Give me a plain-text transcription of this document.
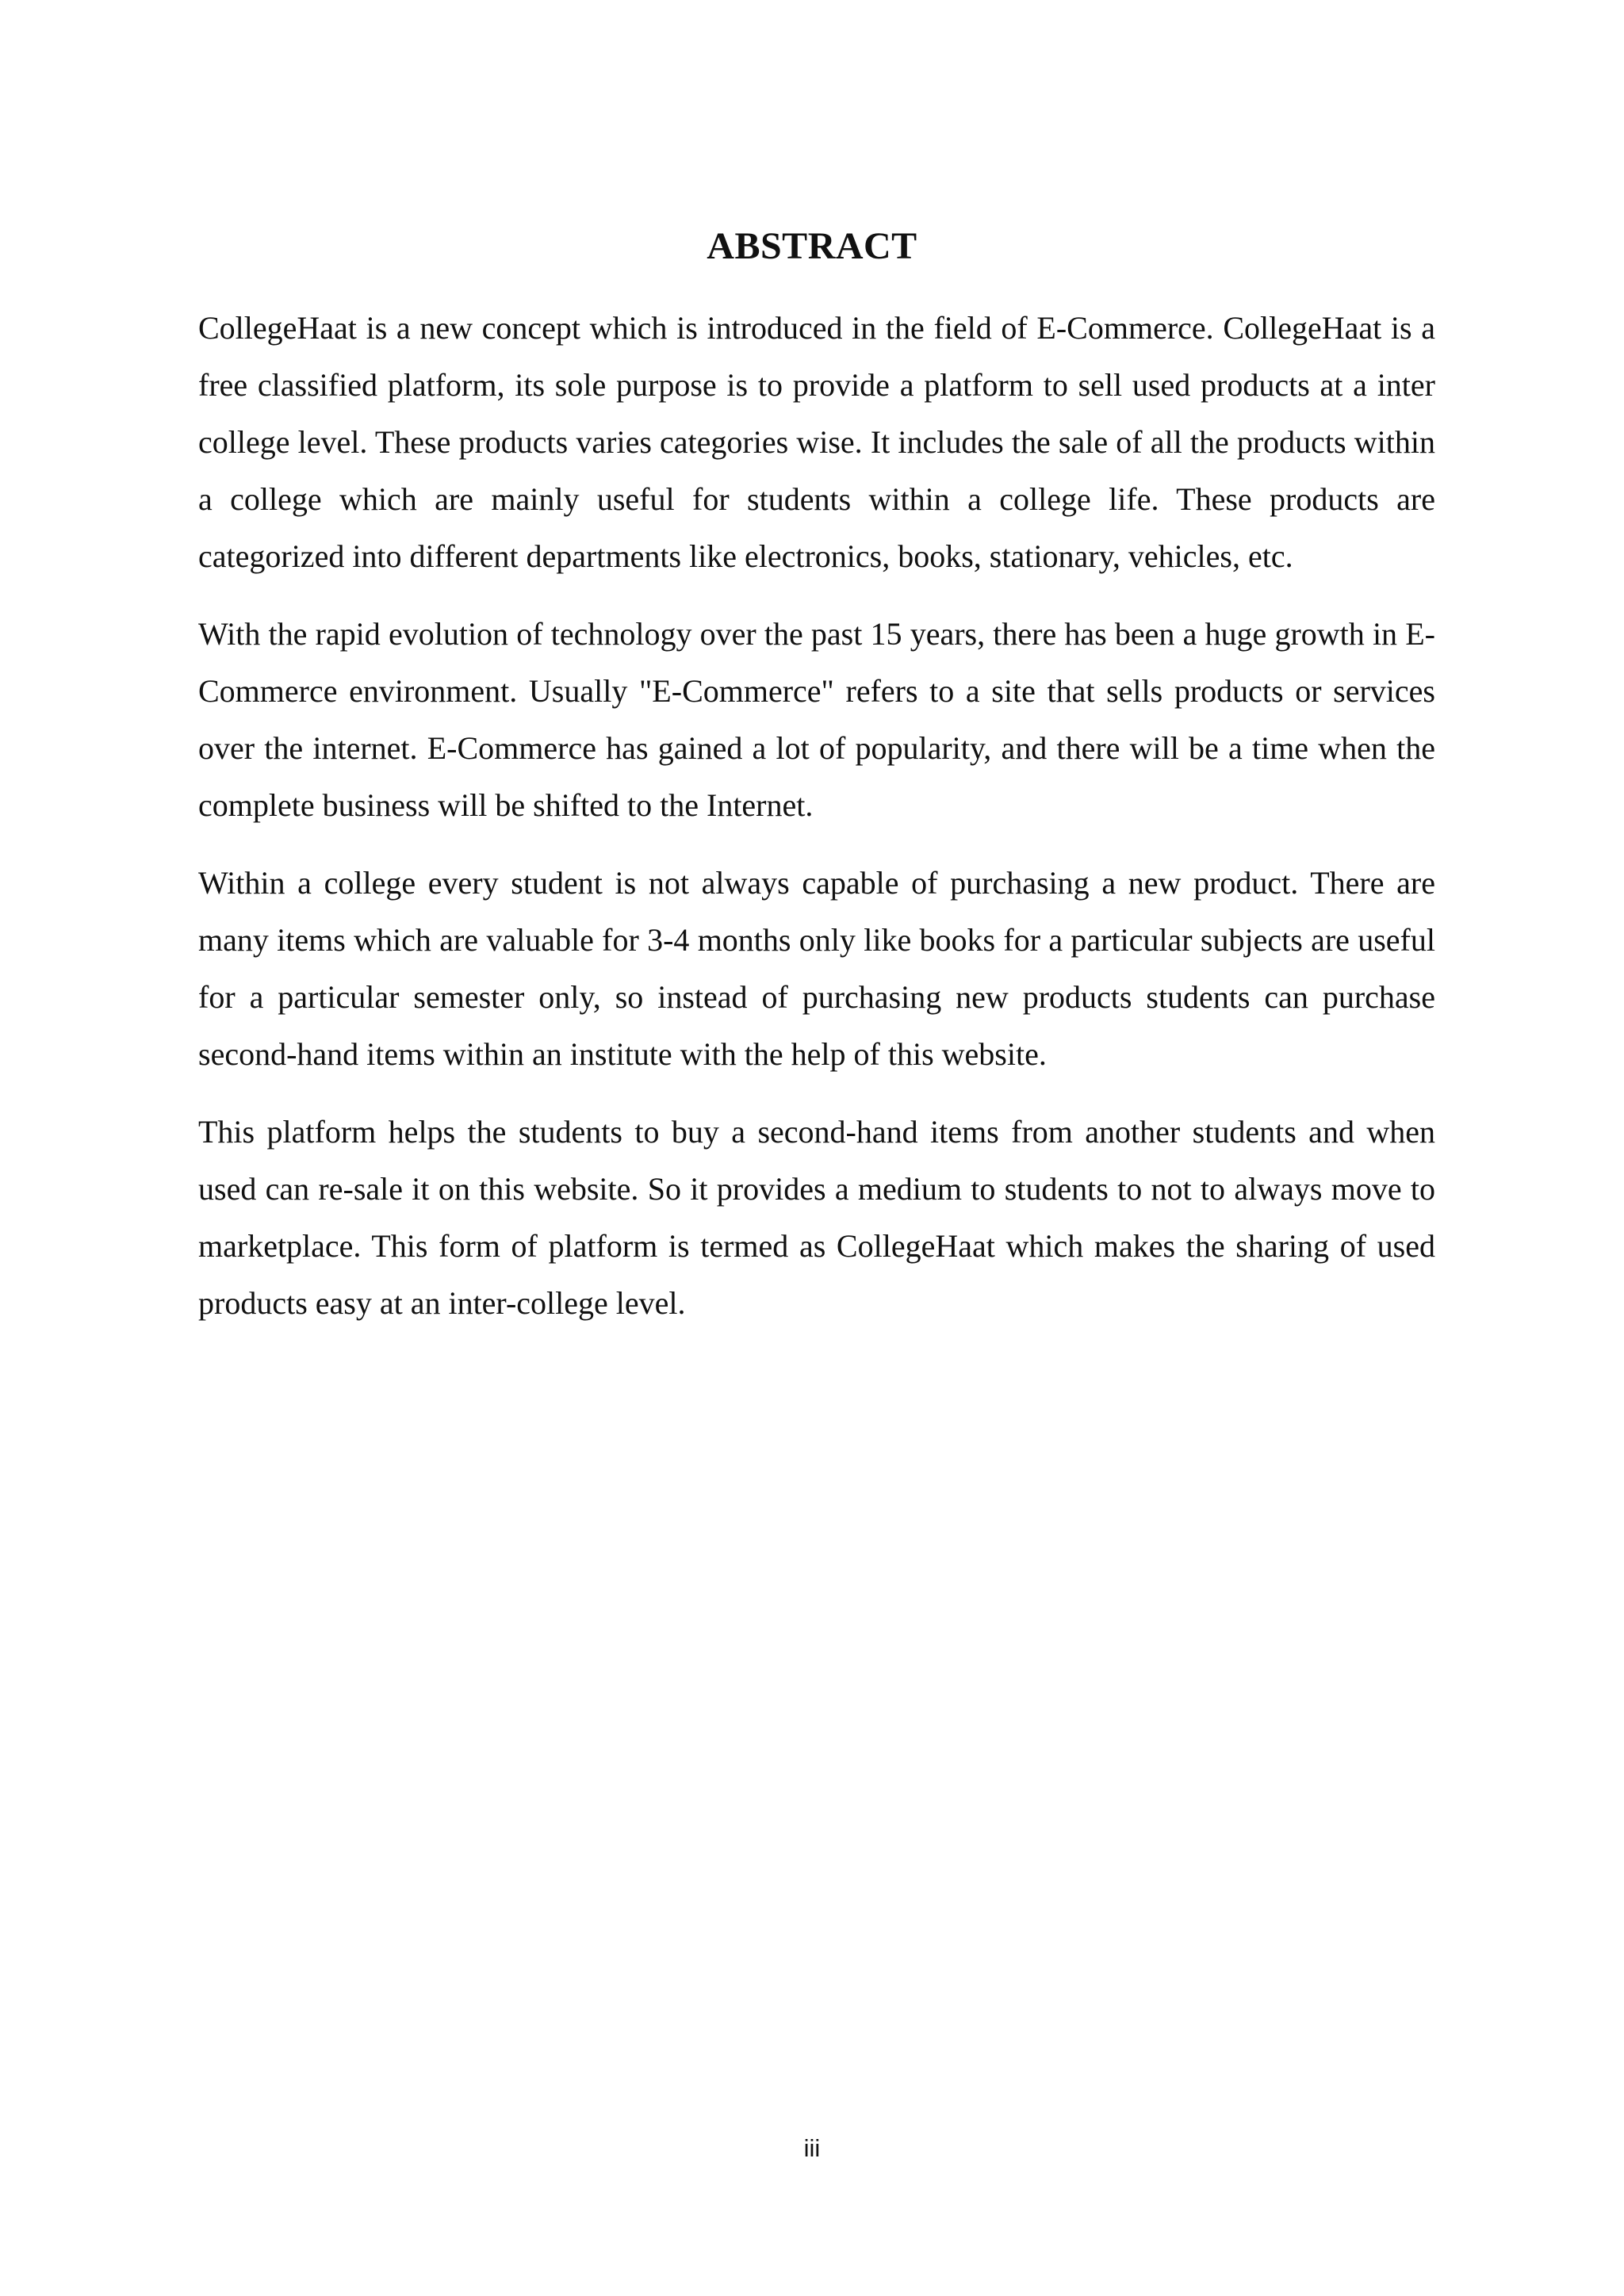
ABSTRACT

CollegeHaat is a new concept which is introduced in the field of E-Commerce. CollegeHaat is a free classified platform, its sole purpose is to provide a platform to sell used products at a inter college level. These products varies categories wise. It includes the sale of all the products within a college which are mainly useful for students within a college life. These products are categorized into different departments like electronics, books, stationary, vehicles, etc.

With the rapid evolution of technology over the past 15 years, there has been a huge growth in E-Commerce environment. Usually "E-Commerce" refers to a site that sells products or services over the internet. E-Commerce has gained a lot of popularity, and there will be a time when the complete business will be shifted to the Internet.

Within a college every student is not always capable of purchasing a new product. There are many items which are valuable for 3-4 months only like books for a particular subjects are useful for a particular semester only, so instead of purchasing new products students can purchase second-hand items within an institute with the help of this website.

This platform helps the students to buy a second-hand items from another students and when used can re-sale it on this website. So it provides a medium to students to not to always move to marketplace. This form of platform is termed as CollegeHaat which makes the sharing of used products easy at an inter-college level.

iii
